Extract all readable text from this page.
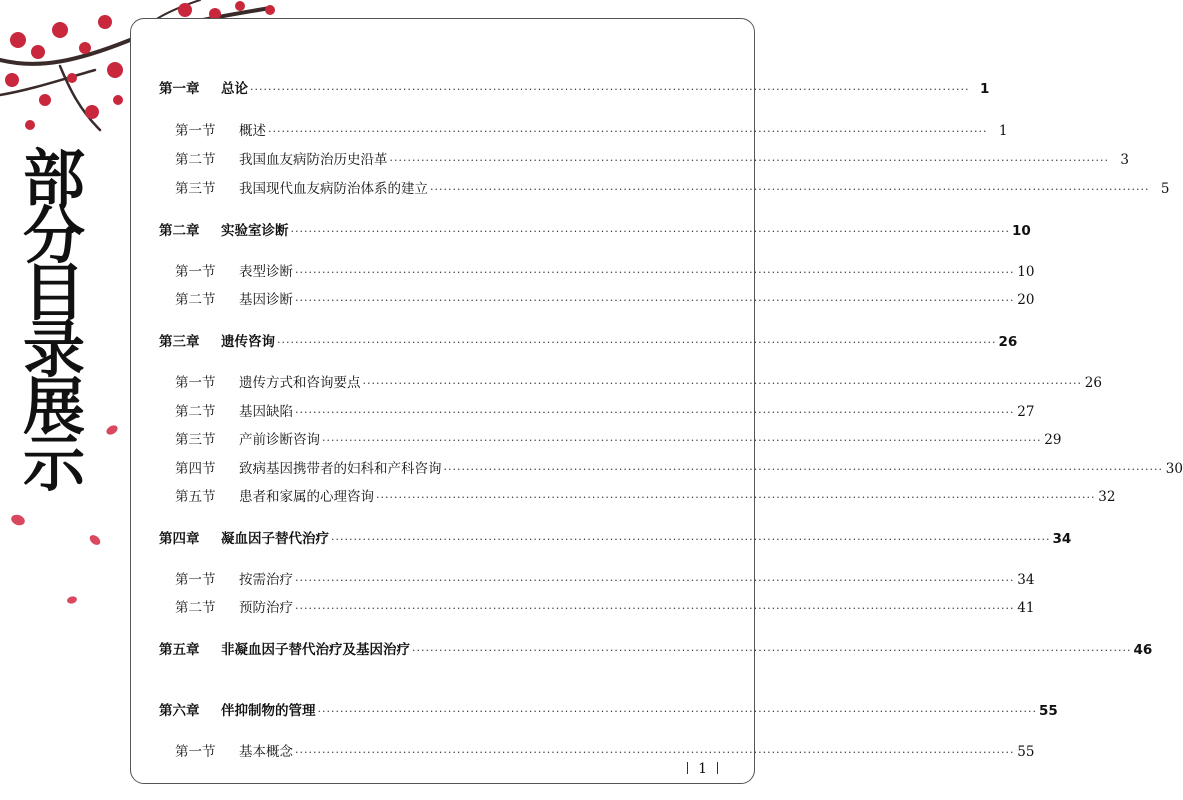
部
分
目
录
展
示
第一章	总论 ································································································································································ 1
第一节	概述 ································································································································································ 1
第二节	我国血友病防治历史沿革 ································································································································································ 3
第三节	我国现代血友病防治体系的建立 ································································································································································ 5
第二章	实验室诊断 ································································································································································ 10
第一节	表型诊断 ································································································································································ 10
第二节	基因诊断 ································································································································································ 20
第三章	遗传咨询 ································································································································································ 26
第一节	遗传方式和咨询要点 ································································································································································ 26
第二节	基因缺陷 ································································································································································ 27
第三节	产前诊断咨询 ································································································································································ 29
第四节	致病基因携带者的妇科和产科咨询 ································································································································································ 30
第五节	患者和家属的心理咨询 ································································································································································ 32
第四章	凝血因子替代治疗 ································································································································································ 34
第一节	按需治疗 ································································································································································ 34
第二节	预防治疗 ································································································································································ 41
第五章	非凝血因子替代治疗及基因治疗 ································································································································································ 46
第六章	伴抑制物的管理 ································································································································································ 55
第一节	基本概念 ································································································································································ 55
1
